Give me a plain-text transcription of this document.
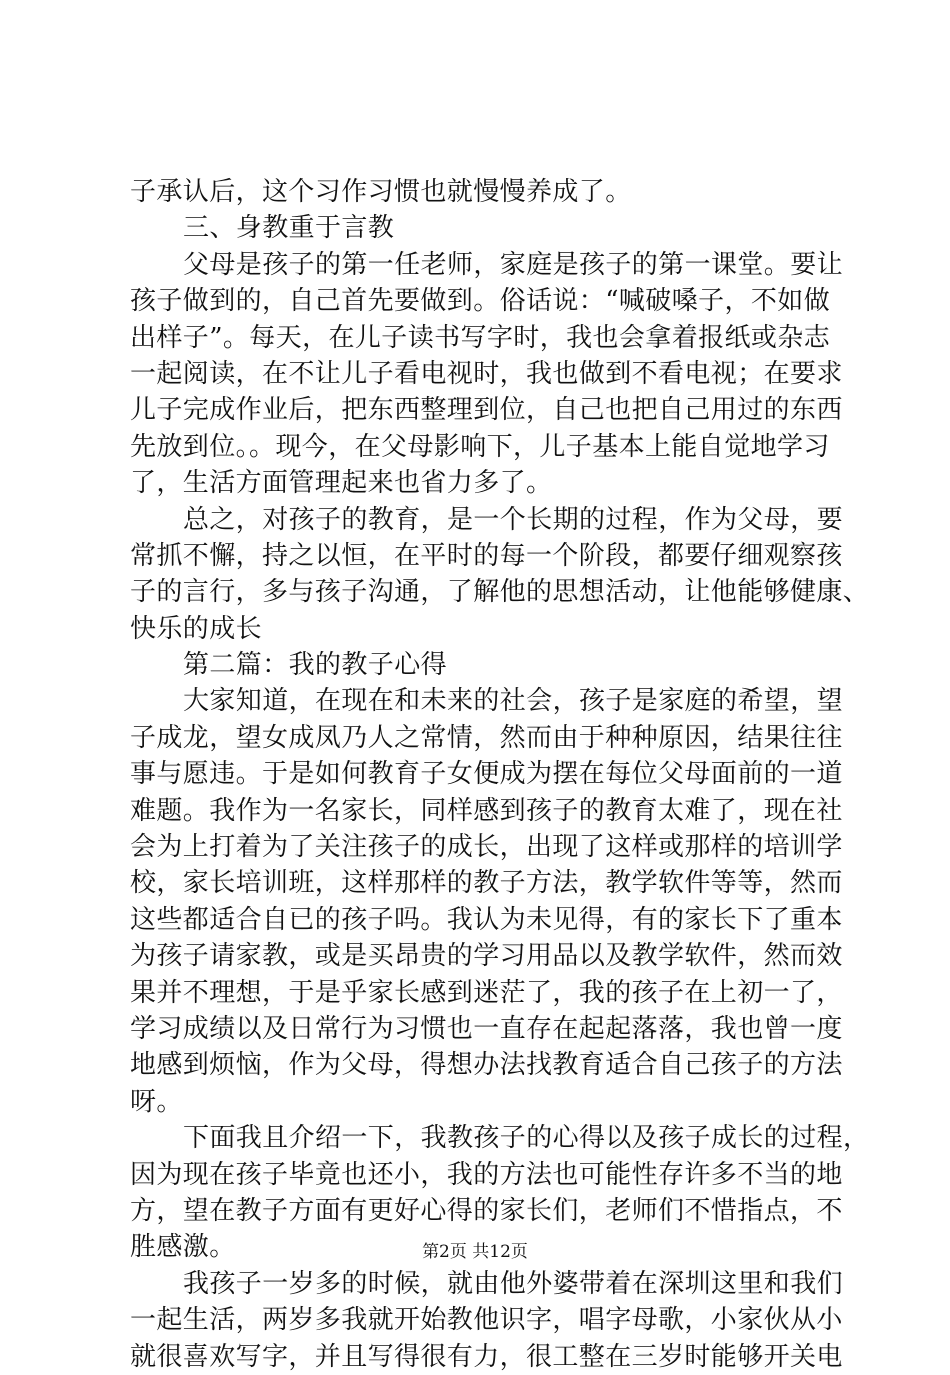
子承认后，这个习作习惯也就慢慢养成了。
三、身教重于言教
父母是孩子的第一任老师，家庭是孩子的第一课堂。要让
孩子做到的，自己首先要做到。俗话说：“喊破嗓子，不如做
出样子”。每天，在儿子读书写字时，我也会拿着报纸或杂志
一起阅读，在不让儿子看电视时，我也做到不看电视；在要求
儿子完成作业后，把东西整理到位，自己也把自己用过的东西
先放到位。。现今，在父母影响下，儿子基本上能自觉地学习
了，生活方面管理起来也省力多了。
总之，对孩子的教育，是一个长期的过程，作为父母，要
常抓不懈，持之以恒，在平时的每一个阶段，都要仔细观察孩
子的言行，多与孩子沟通，了解他的思想活动，让他能够健康、
快乐的成长
第二篇：我的教子心得
大家知道，在现在和未来的社会，孩子是家庭的希望，望
子成龙，望女成凤乃人之常情，然而由于种种原因，结果往往
事与愿违。于是如何教育子女便成为摆在每位父母面前的一道
难题。我作为一名家长，同样感到孩子的教育太难了，现在社
会为上打着为了关注孩子的成长，出现了这样或那样的培训学
校，家长培训班，这样那样的教子方法，教学软件等等，然而
这些都适合自已的孩子吗。我认为未见得，有的家长下了重本
为孩子请家教，或是买昂贵的学习用品以及教学软件，然而效
果并不理想，于是乎家长感到迷茫了，我的孩子在上初一了，
学习成绩以及日常行为习惯也一直存在起起落落，我也曾一度
地感到烦恼，作为父母，得想办法找教育适合自己孩子的方法
呀。
下面我且介绍一下，我教孩子的心得以及孩子成长的过程，
因为现在孩子毕竟也还小，我的方法也可能性存许多不当的地
方，望在教子方面有更好心得的家长们，老师们不惜指点，不
胜感激。
我孩子一岁多的时候，就由他外婆带着在深圳这里和我们
一起生活，两岁多我就开始教他识字，唱字母歌，小家伙从小
就很喜欢写字，并且写得很有力，很工整在三岁时能够开关电
第2页 共12页
